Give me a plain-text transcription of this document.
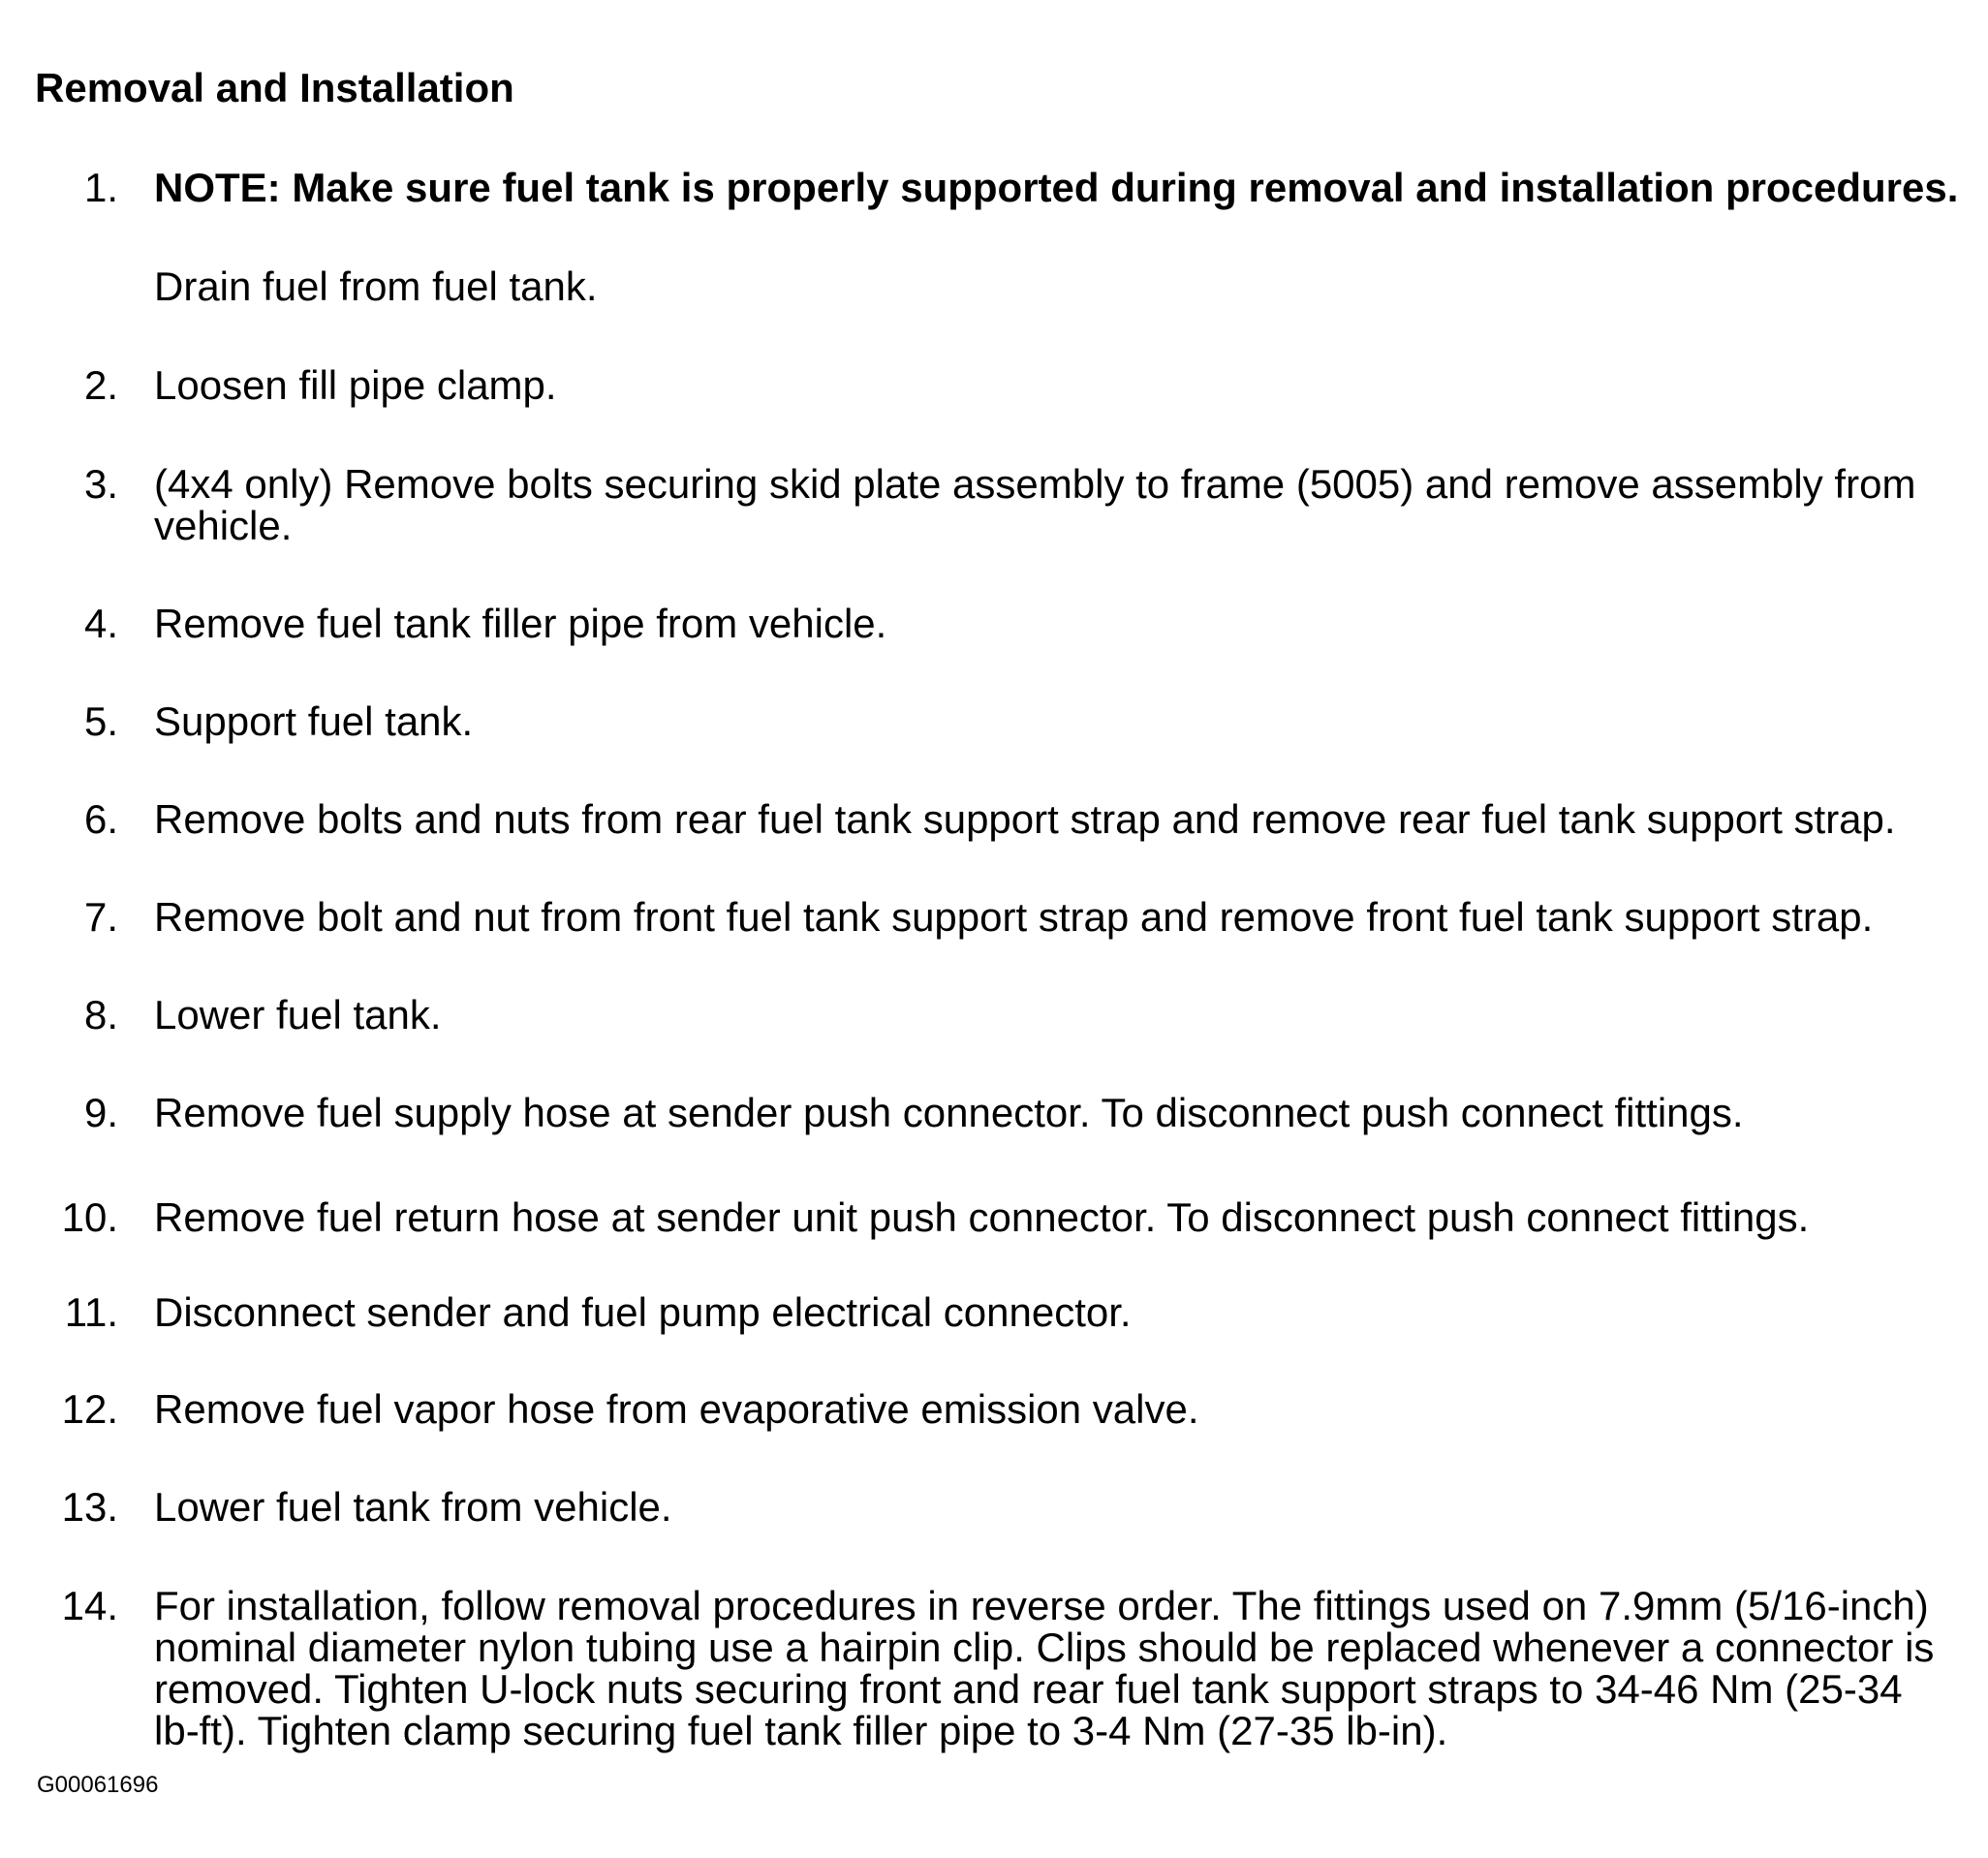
Removal and Installation
1. NOTE: Make sure fuel tank is properly supported during removal and installation procedures.

Drain fuel from fuel tank.

2. Loosen fill pipe clamp.
3. (4x4 only) Remove bolts securing skid plate assembly to frame (5005) and remove assembly from vehicle.
4. Remove fuel tank filler pipe from vehicle.
5. Support fuel tank.
6. Remove bolts and nuts from rear fuel tank support strap and remove rear fuel tank support strap.
7. Remove bolt and nut from front fuel tank support strap and remove front fuel tank support strap.
8. Lower fuel tank.
9. Remove fuel supply hose at sender push connector. To disconnect push connect fittings.
10. Remove fuel return hose at sender unit push connector. To disconnect push connect fittings.
11. Disconnect sender and fuel pump electrical connector.
12. Remove fuel vapor hose from evaporative emission valve.
13. Lower fuel tank from vehicle.
14. For installation, follow removal procedures in reverse order. The fittings used on 7.9mm (5/16-inch) nominal diameter nylon tubing use a hairpin clip. Clips should be replaced whenever a connector is removed. Tighten U-lock nuts securing front and rear fuel tank support straps to 34-46 Nm (25-34 lb-ft). Tighten clamp securing fuel tank filler pipe to 3-4 Nm (27-35 lb-in).
G00061696
